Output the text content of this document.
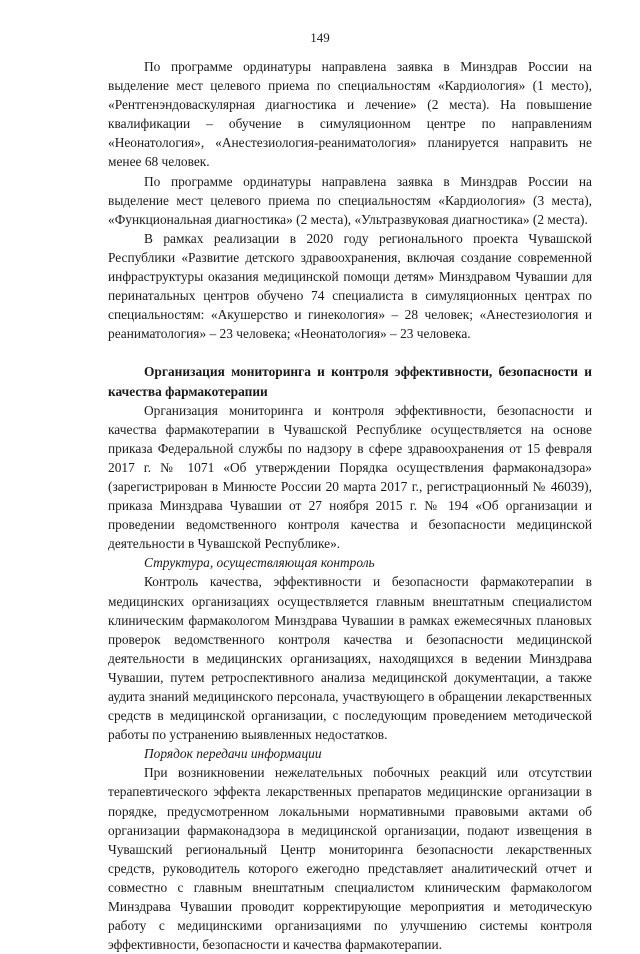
149

По программе ординатуры направлена заявка в Минздрав России на выделение мест целевого приема по специальностям «Кардиология» (1 место), «Рентгенэндоваскулярная диагностика и лечение» (2 места). На повышение квалификации – обучение в симуляционном центре по направлениям «Неонатология», «Анестезиология-реаниматология» планируется направить не менее 68 человек.

По программе ординатуры направлена заявка в Минздрав России на выделение мест целевого приема по специальностям «Кардиология» (3 места), «Функциональная диагностика» (2 места), «Ультразвуковая диагностика» (2 места).

В рамках реализации в 2020 году регионального проекта Чувашской Республики «Развитие детского здравоохранения, включая создание современной инфраструктуры оказания медицинской помощи детям» Минздравом Чувашии для перинатальных центров обучено 74 специалиста в симуляционных центрах по специальностям: «Акушерство и гинекология» – 28 человек; «Анестезиология и реаниматология» – 23 человека; «Неонатология» – 23 человека.

Организация мониторинга и контроля эффективности, безопасности и качества фармакотерапии

Организация мониторинга и контроля эффективности, безопасности и качества фармакотерапии в Чувашской Республике осуществляется на основе приказа Федеральной службы по надзору в сфере здравоохранения от 15 февраля 2017 г. № 1071 «Об утверждении Порядка осуществления фармаконадзора» (зарегистрирован в Минюсте России 20 марта 2017 г., регистрационный № 46039), приказа Минздрава Чувашии от 27 ноября 2015 г. № 194 «Об организации и проведении ведомственного контроля качества и безопасности медицинской деятельности в Чувашской Республике».

Структура, осуществляющая контроль

Контроль качества, эффективности и безопасности фармакотерапии в медицинских организациях осуществляется главным внештатным специалистом клиническим фармакологом Минздрава Чувашии в рамках ежемесячных плановых проверок ведомственного контроля качества и безопасности медицинской деятельности в медицинских организациях, находящихся в ведении Минздрава Чувашии, путем ретроспективного анализа медицинской документации, а также аудита знаний медицинского персонала, участвующего в обращении лекарственных средств в медицинской организации, с последующим проведением методической работы по устранению выявленных недостатков.

Порядок передачи информации

При возникновении нежелательных побочных реакций или отсутствии терапевтического эффекта лекарственных препаратов медицинские организации в порядке, предусмотренном локальными нормативными правовыми актами об организации фармаконадзора в медицинской организации, подают извещения в Чувашский региональный Центр мониторинга безопасности лекарственных средств, руководитель которого ежегодно представляет аналитический отчет и совместно с главным внештатным специалистом клиническим фармакологом Минздрава Чувашии проводит корректирующие мероприятия и методическую работу с медицинскими организациями по улучшению системы контроля эффективности, безопасности и качества фармакотерапии.
